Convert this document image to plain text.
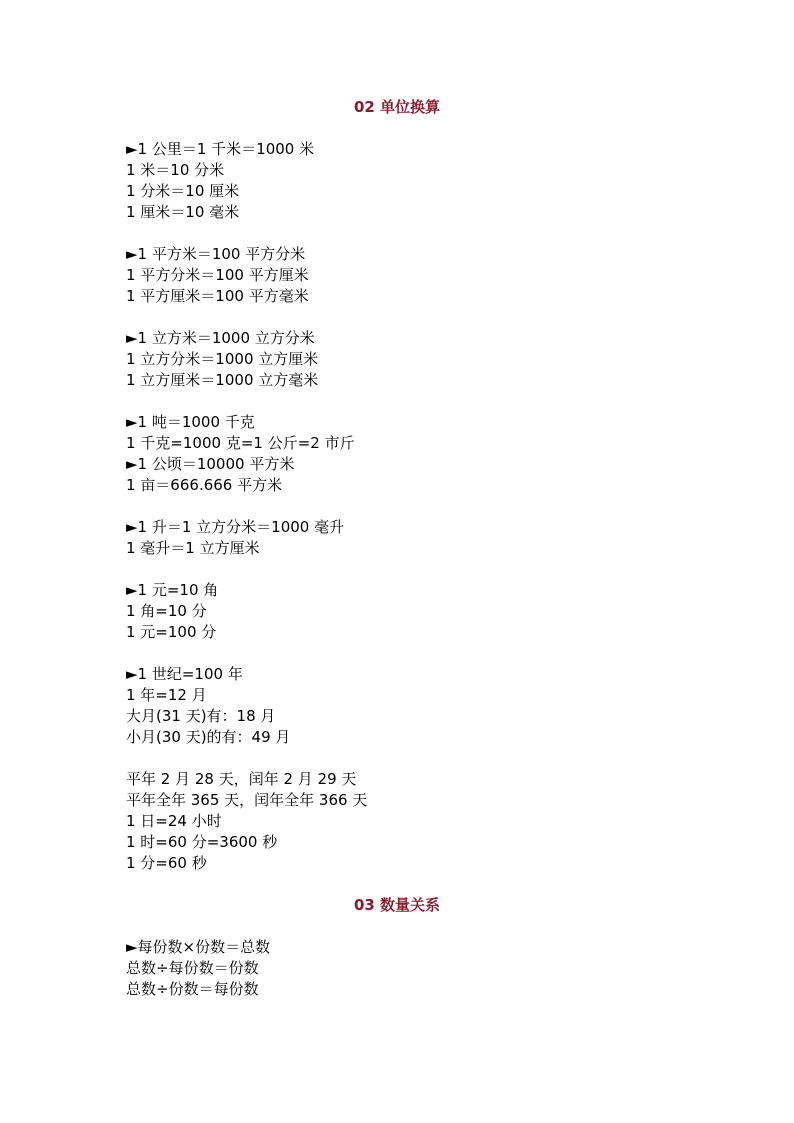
02 单位换算
►1 公里＝1 千米＝1000 米
1 米＝10 分米
1 分米＝10 厘米
1 厘米＝10 毫米
►1 平方米＝100 平方分米
1 平方分米＝100 平方厘米
1 平方厘米＝100 平方毫米
►1 立方米＝1000 立方分米
1 立方分米＝1000 立方厘米
1 立方厘米＝1000 立方毫米
►1 吨＝1000 千克
1 千克=1000 克=1 公斤=2 市斤
►1 公顷＝10000 平方米
1 亩＝666.666 平方米
►1 升＝1 立方分米＝1000 毫升
1 毫升＝1 立方厘米
►1 元=10 角
1 角=10 分
1 元=100 分
►1 世纪=100 年
1 年=12 月
大月(31 天)有：18 月
小月(30 天)的有：49 月
平年 2 月 28 天，闰年 2 月 29 天
平年全年 365 天，闰年全年 366 天
1 日=24 小时
1 时=60 分=3600 秒
1 分=60 秒
03 数量关系
►每份数×份数＝总数
总数÷每份数＝份数
总数÷份数＝每份数
